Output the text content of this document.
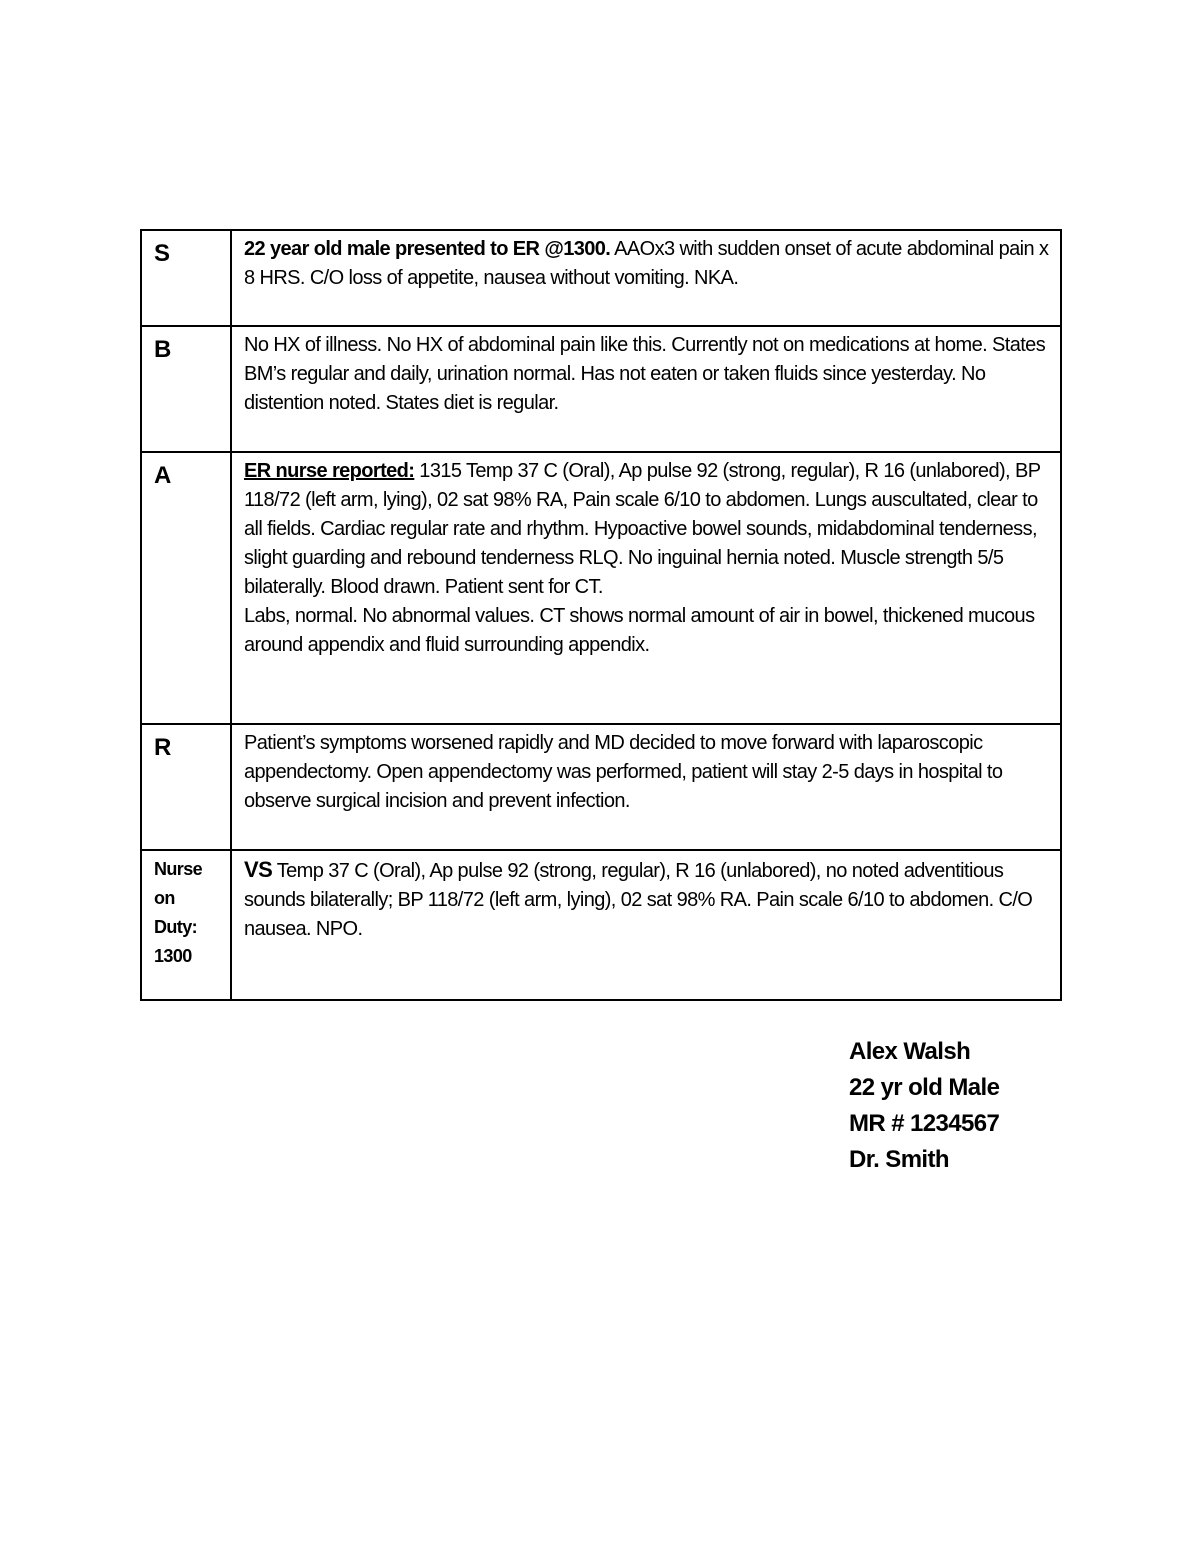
S	22 year old male presented to ER @1300. AAOx3 with sudden onset of acute abdominal pain x 8 HRS. C/O loss of appetite, nausea without vomiting. NKA.
B	No HX of illness. No HX of abdominal pain like this. Currently not on medications at home. States BM’s regular and daily, urination normal. Has not eaten or taken fluids since yesterday. No distention noted. States diet is regular.
A	ER nurse reported: 1315 Temp 37 C (Oral), Ap pulse 92 (strong, regular), R 16 (unlabored), BP 118/72 (left arm, lying), 02 sat 98% RA, Pain scale 6/10 to abdomen. Lungs auscultated, clear to all fields. Cardiac regular rate and rhythm. Hypoactive bowel sounds, midabdominal tenderness, slight guarding and rebound tenderness RLQ. No inguinal hernia noted. Muscle strength 5/5 bilaterally. Blood drawn. Patient sent for CT.
Labs, normal. No abnormal values. CT shows normal amount of air in bowel, thickened mucous around appendix and fluid surrounding appendix.

R	Patient’s symptoms worsened rapidly and MD decided to move forward with laparoscopic appendectomy. Open appendectomy was performed, patient will stay 2-5 days in hospital to observe surgical incision and prevent infection.

Nurse
on
Duty:
1300	VS Temp 37 C (Oral), Ap pulse 92 (strong, regular), R 16 (unlabored), no noted adventitious sounds bilaterally; BP 118/72 (left arm, lying), 02 sat 98% RA. Pain scale 6/10 to abdomen. C/O nausea. NPO.
Alex Walsh
22 yr old Male
MR # 1234567
Dr. Smith
